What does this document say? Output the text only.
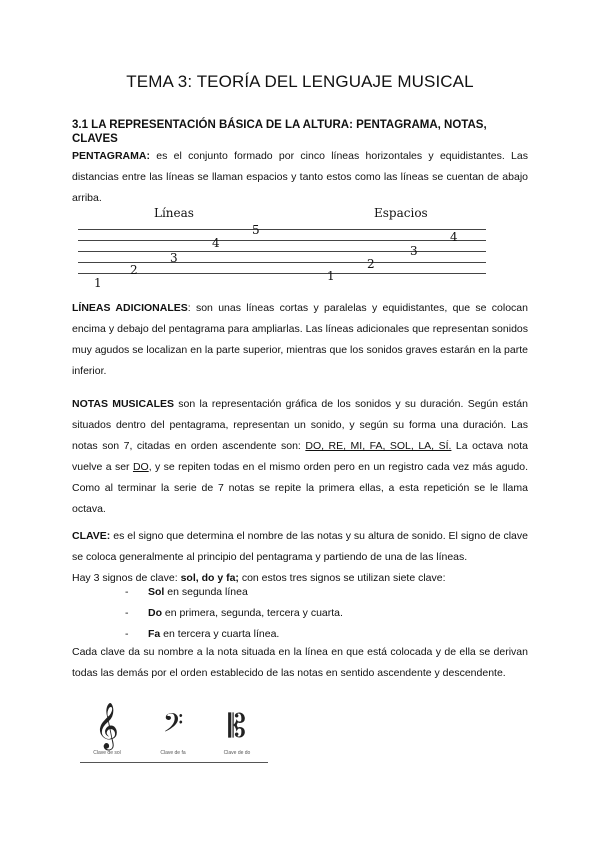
TEMA 3: TEORÍA DEL LENGUAJE MUSICAL

3.1 LA REPRESENTACIÓN BÁSICA DE LA ALTURA: PENTAGRAMA, NOTAS, CLAVES

PENTAGRAMA: es el conjunto formado por cinco líneas horizontales y equidistantes. Las distancias entre las líneas se llaman espacios y tanto estos como las líneas se cuentan de abajo arriba.

Líneas	Espacios
1
2
3
4
5
1
2
3
4

LÍNEAS ADICIONALES: son unas líneas cortas y paralelas y equidistantes, que se colocan encima y debajo del pentagrama para ampliarlas. Las líneas adicionales que representan sonidos muy agudos se localizan en la parte superior, mientras que los sonidos graves estarán en la parte inferior.

NOTAS MUSICALES son la representación gráfica de los sonidos y su duración. Según están situados dentro del pentagrama, representan un sonido, y según su forma una duración. Las notas son 7, citadas en orden ascendente son: DO, RE, MI, FA, SOL, LA, SÍ. La octava nota vuelve a ser DO, y se repiten todas en el mismo orden pero en un registro cada vez más agudo. Como al terminar la serie de 7 notas se repite la primera ellas, a esta repetición se le llama octava.

CLAVE: es el signo que determina el nombre de las notas y su altura de sonido. El signo de clave se coloca generalmente al principio del pentagrama y partiendo de una de las líneas.
Hay 3 signos de clave: sol, do y fa; con estos tres signos se utilizan siete clave:

- Sol en segunda línea
- Do en primera, segunda, tercera y cuarta.
- Fa en tercera y cuarta línea.

Cada clave da su nombre a la nota situada en la línea en que está colocada y de ella se derivan todas las demás por el orden establecido de las notas en sentido ascendente y descendente.

𝄞
Clave de sol
𝄢
Clave de fa
𝄡
Clave de do
